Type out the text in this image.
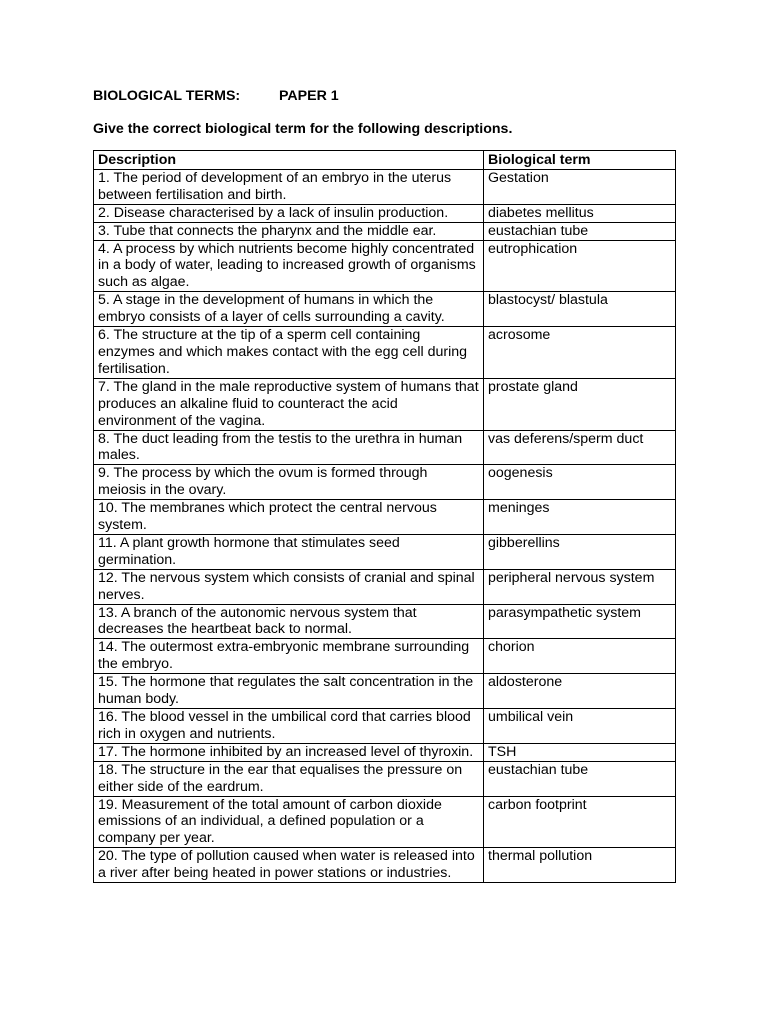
BIOLOGICAL TERMS:	PAPER 1

Give the correct biological term for the following descriptions.

Description	Biological term
1. The period of development of an embryo in the uterus between fertilisation and birth.	Gestation
2. Disease characterised by a lack of insulin production.	diabetes mellitus
3. Tube that connects the pharynx and the middle ear.	eustachian tube
4. A process by which nutrients become highly concentrated in a body of water, leading to increased growth of organisms such as algae.	eutrophication
5. A stage in the development of humans in which the embryo consists of a layer of cells surrounding a cavity.	blastocyst/ blastula
6. The structure at the tip of a sperm cell containing enzymes and which makes contact with the egg cell during fertilisation.	acrosome
7. The gland in the male reproductive system of humans that produces an alkaline fluid to counteract the acid environment of the vagina.	prostate gland
8. The duct leading from the testis to the urethra in human males.	vas deferens/sperm duct
9. The process by which the ovum is formed through meiosis in the ovary.	oogenesis
10. The membranes which protect the central nervous system.	meninges
11. A plant growth hormone that stimulates seed germination.	gibberellins
12. The nervous system which consists of cranial and spinal nerves.	peripheral nervous system
13. A branch of the autonomic nervous system that decreases the heartbeat back to normal.	parasympathetic system
14. The outermost extra-embryonic membrane surrounding the embryo.	chorion
15. The hormone that regulates the salt concentration in the human body.	aldosterone
16. The blood vessel in the umbilical cord that carries blood rich in oxygen and nutrients.	umbilical vein
17. The hormone inhibited by an increased level of thyroxin.	TSH
18. The structure in the ear that equalises the pressure on either side of the eardrum.	eustachian tube
19. Measurement of the total amount of carbon dioxide emissions of an individual, a defined population or a company per year.	carbon footprint
20. The type of pollution caused when water is released into a river after being heated in power stations or industries.	thermal pollution
